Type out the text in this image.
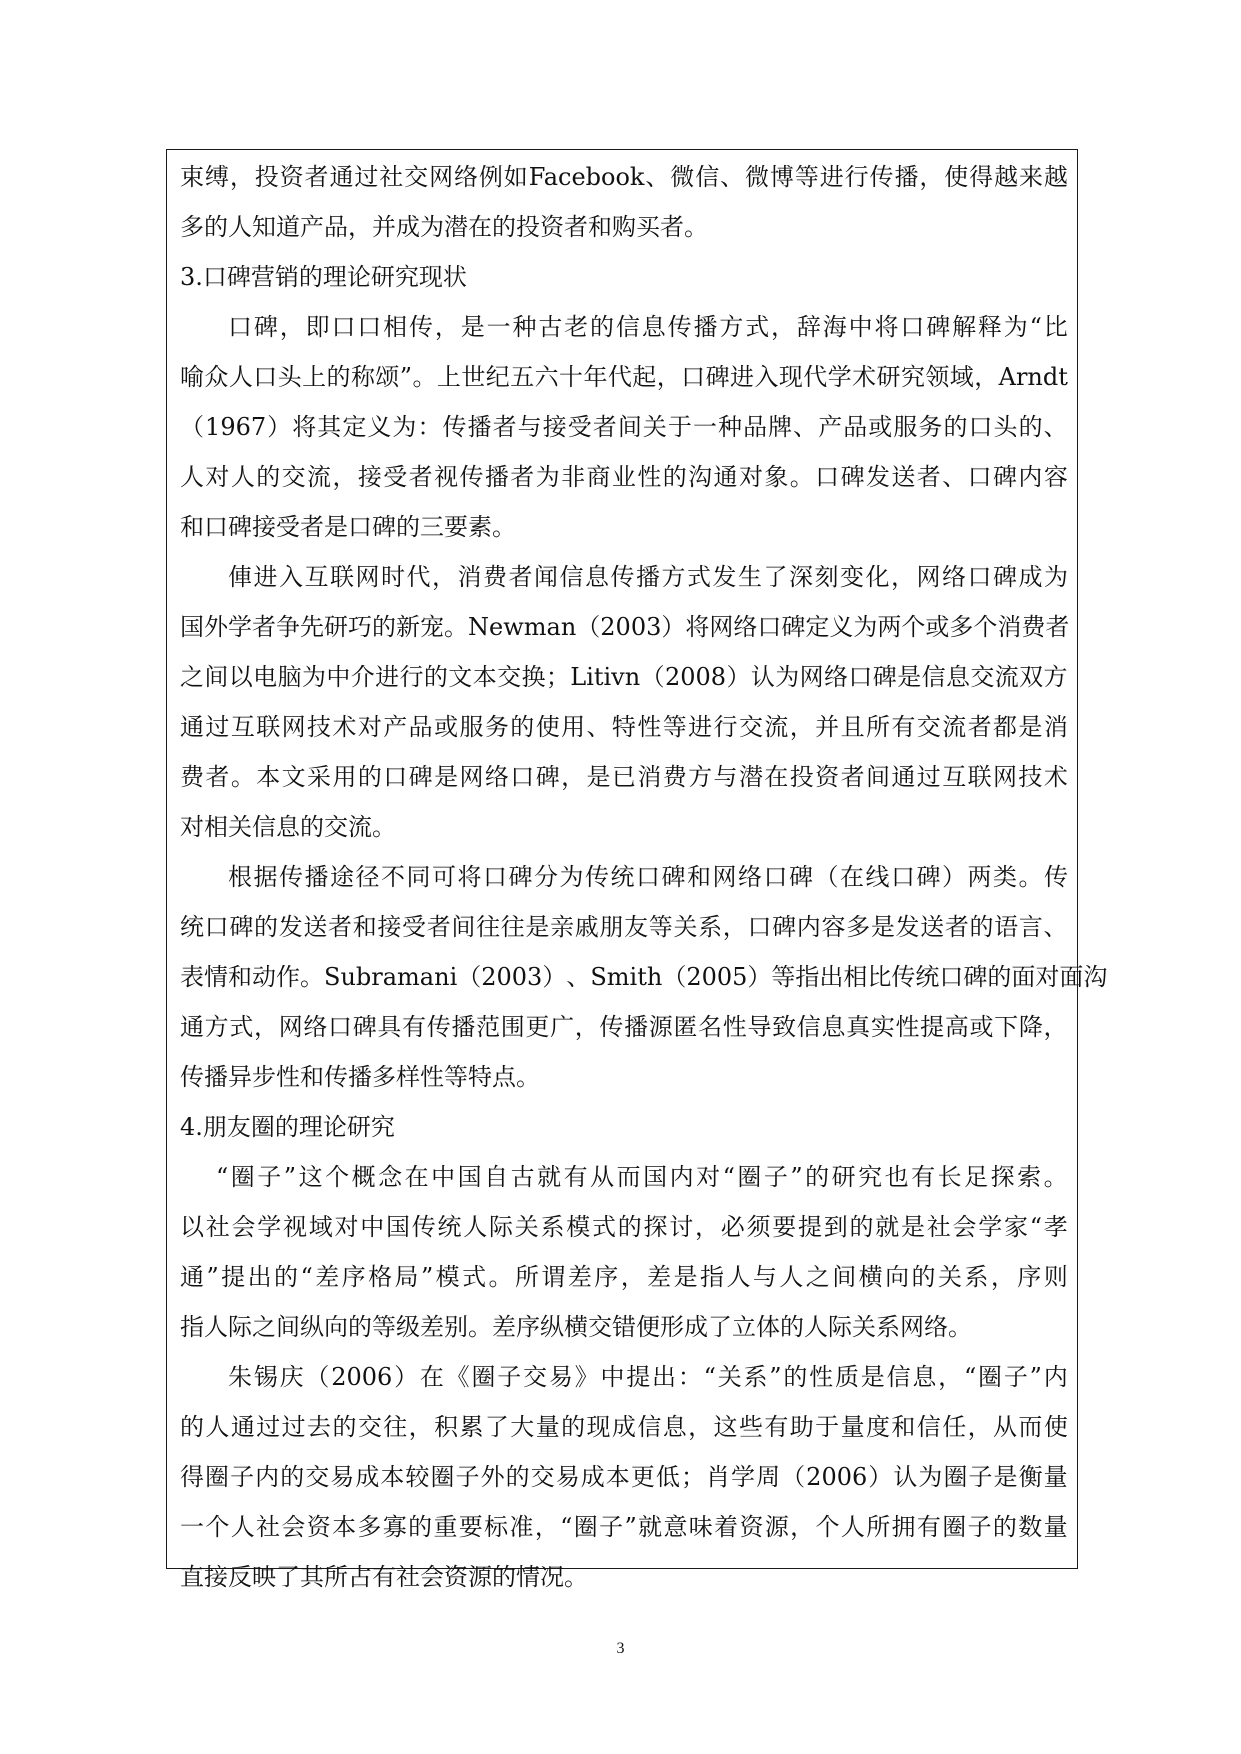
束 缚 ， 投 资 者 通 过 社 交 网 络 例 如 Facebook 、 微 信 、 微 博 等 进 行 传 播 ， 使 得 越 来 越
多的人知道产品，并成为潜在的投资者和购买者。
3.口碑营销的理论研究现状
口 碑 ， 即 口 口 相 传 ， 是 一 种 古 老 的 信 息 传 播 方 式 ， 辞 海 中 将 口 碑 解 释 为 “ 比
喻 众 人 口 头 上 的 称 颂 ” 。 上 世 纪 五 六 十 年 代 起 ， 口 碑 进 入 现 代 学 术 研 究 领 域 ， Arndt
（ 1967 ） 将 其 定 义 为 ： 传 播 者 与 接 受 者 间 关 于 一 种 品 牌 、 产 品 或 服 务 的 口 头 的 、
人 对 人 的 交 流 ， 接 受 者 视 传 播 者 为 非 商 业 性 的 沟 通 对 象 。 口 碑 发 送 者 、 口 碑 内 容
和口碑接受者是口碑的三要素。
俥 进 入 互 联 网 时 代 ， 消 费 者 闻 信 息 传 播 方 式 发 生 了 深 刻 变 化 ， 网 络 口 碑 成 为
国 外 学 者 争 先 研 巧 的 新 宠 。 Newman （ 2003 ） 将 网 络 口 碑 定 义 为 两 个 或 多 个 消 费 者
之 间 以 电 脑 为 中 介 进 行 的 文 本 交 换 ； Litivn （ 2008 ） 认 为 网 络 口 碑 是 信 息 交 流 双 方
通 过 互 联 网 技 术 对 产 品 或 服 务 的 使 用 、 特 性 等 进 行 交 流 ， 并 且 所 有 交 流 者 都 是 消
费 者 。 本 文 采 用 的 口 碑 是 网 络 口 碑 ， 是 已 消 费 方 与 潜 在 投 资 者 间 通 过 互 联 网 技 术
对相关信息的交流。
根 据 传 播 途 径 不 同 可 将 口 碑 分 为 传 统 口 碑 和 网 络 口 碑 （ 在 线 口 碑 ） 两 类 。 传
统 口 碑 的 发 送 者 和 接 受 者 间 往 往 是 亲 戚 朋 友 等 关 系 ， 口 碑 内 容 多 是 发 送 者 的 语 言 、
表 情 和 动 作 。 Subramani （ 2003 ） 、 Smith （ 2005 ） 等 指 出 相 比 传 统 口 碑 的 面 对 面 沟
通 方 式 ， 网 络 口 碑 具 有 传 播 范 围 更 广 ， 传 播 源 匿 名 性 导 致 信 息 真 实 性 提 高 或 下 降 ，
传播异步性和传播多样性等特点。
4.朋友圈的理论研究
“ 圈 子 ” 这 个 概 念 在 中 国 自 古 就 有 从 而 国 内 对 “ 圈 子 ” 的 研 究 也 有 长 足 探 索 。
以 社 会 学 视 域 对 中 国 传 统 人 际 关 系 模 式 的 探 讨 ， 必 须 要 提 到 的 就 是 社 会 学 家 “ 孝
通 ” 提 出 的 “ 差 序 格 局 ” 模 式 。 所 谓 差 序 ， 差 是 指 人 与 人 之 间 横 向 的 关 系 ， 序 则
指人际之间纵向的等级差别。差序纵横交错便形成了立体的人际关系网络。
朱 锡 庆 （ 2006 ） 在 《 圈 子 交 易 》 中 提 出 ： “ 关 系 ” 的 性 质 是 信 息 ， “ 圈 子 ” 内
的 人 通 过 过 去 的 交 往 ， 积 累 了 大 量 的 现 成 信 息 ， 这 些 有 助 于 量 度 和 信 任 ， 从 而 使
得 圈 子 内 的 交 易 成 本 较 圈 子 外 的 交 易 成 本 更 低 ； 肖 学 周 （ 2006 ） 认 为 圈 子 是 衡 量
一 个 人 社 会 资 本 多 寡 的 重 要 标 准 ， “ 圈 子 ” 就 意 味 着 资 源 ， 个 人 所 拥 有 圈 子 的 数 量
直接反映了其所占有社会资源的情况。
3
